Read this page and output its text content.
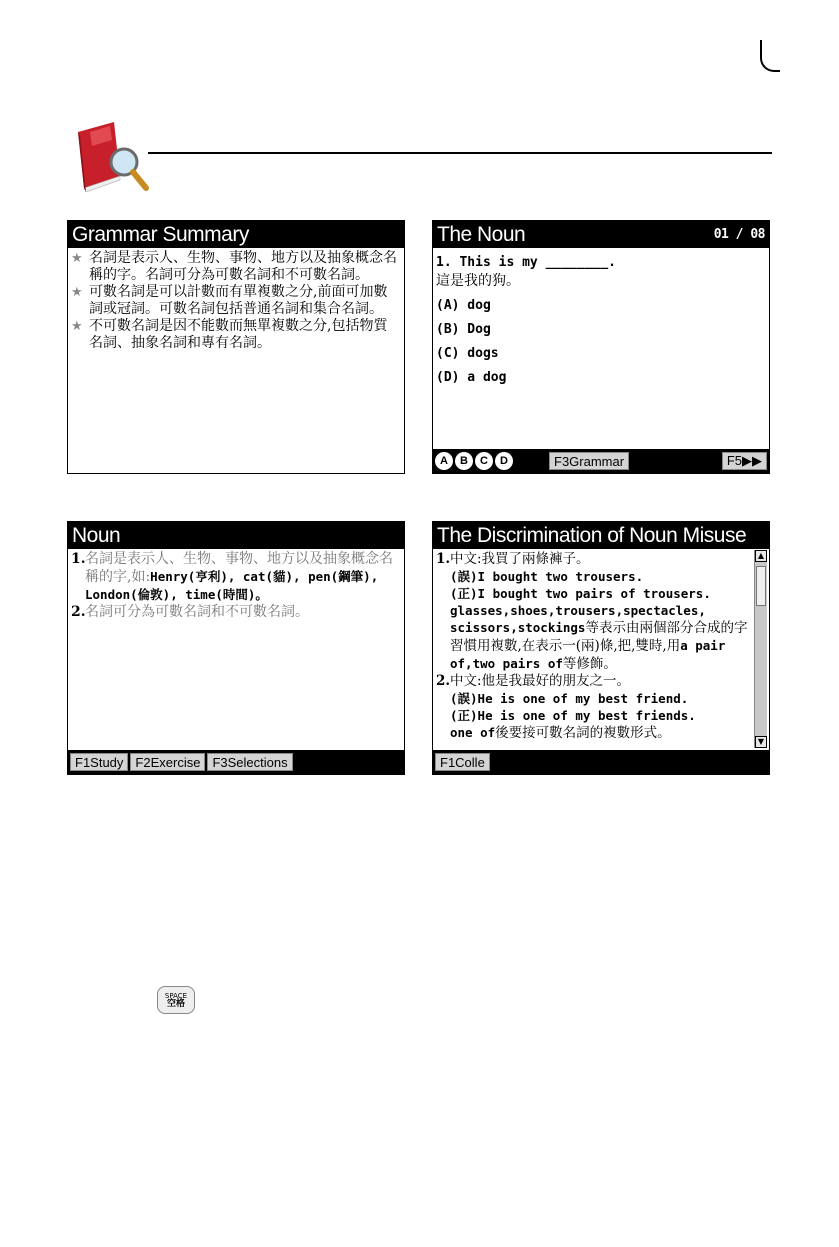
Grammar Summary
★ 名詞是表示人、生物、事物、地方以及抽象概念名稱的字。名詞可分為可數名詞和不可數名詞。
★ 可數名詞是可以計數而有單複數之分,前面可加數詞或冠詞。可數名詞包括普通名詞和集合名詞。
★ 不可數名詞是因不能數而無單複數之分,包括物質名詞、抽象名詞和專有名詞。
The Noun	01 / 08
1. This is my ________.
這是我的狗。
(A) dog
(B) Dog
(C) dogs
(D) a dog
A	B	C	D	F3Grammar	F5▶▶
Noun
1. 名詞是表示人、生物、事物、地方以及抽象概念名稱的字,如:Henry(亨利), cat(貓), pen(鋼筆), London(倫敦), time(時間)。
2. 名詞可分為可數名詞和不可數名詞。
F1Study F2Exercise F3Selections
The Discrimination of Noun Misuse
1. 中文:我買了兩條褲子。
(誤)I bought two trousers.
(正)I bought two pairs of trousers.
glasses,shoes,trousers,spectacles,
scissors,stockings等表示由兩個部分合成的字習慣用複數,在表示一(兩)條,把,雙時,用a pair of,two pairs of等修飾。
2. 中文:他是我最好的朋友之一。
(誤)He is one of my best friend.
(正)He is one of my best friends.
one of後要接可數名詞的複數形式。
▲
▼
F1Colle
SPACE
空格
